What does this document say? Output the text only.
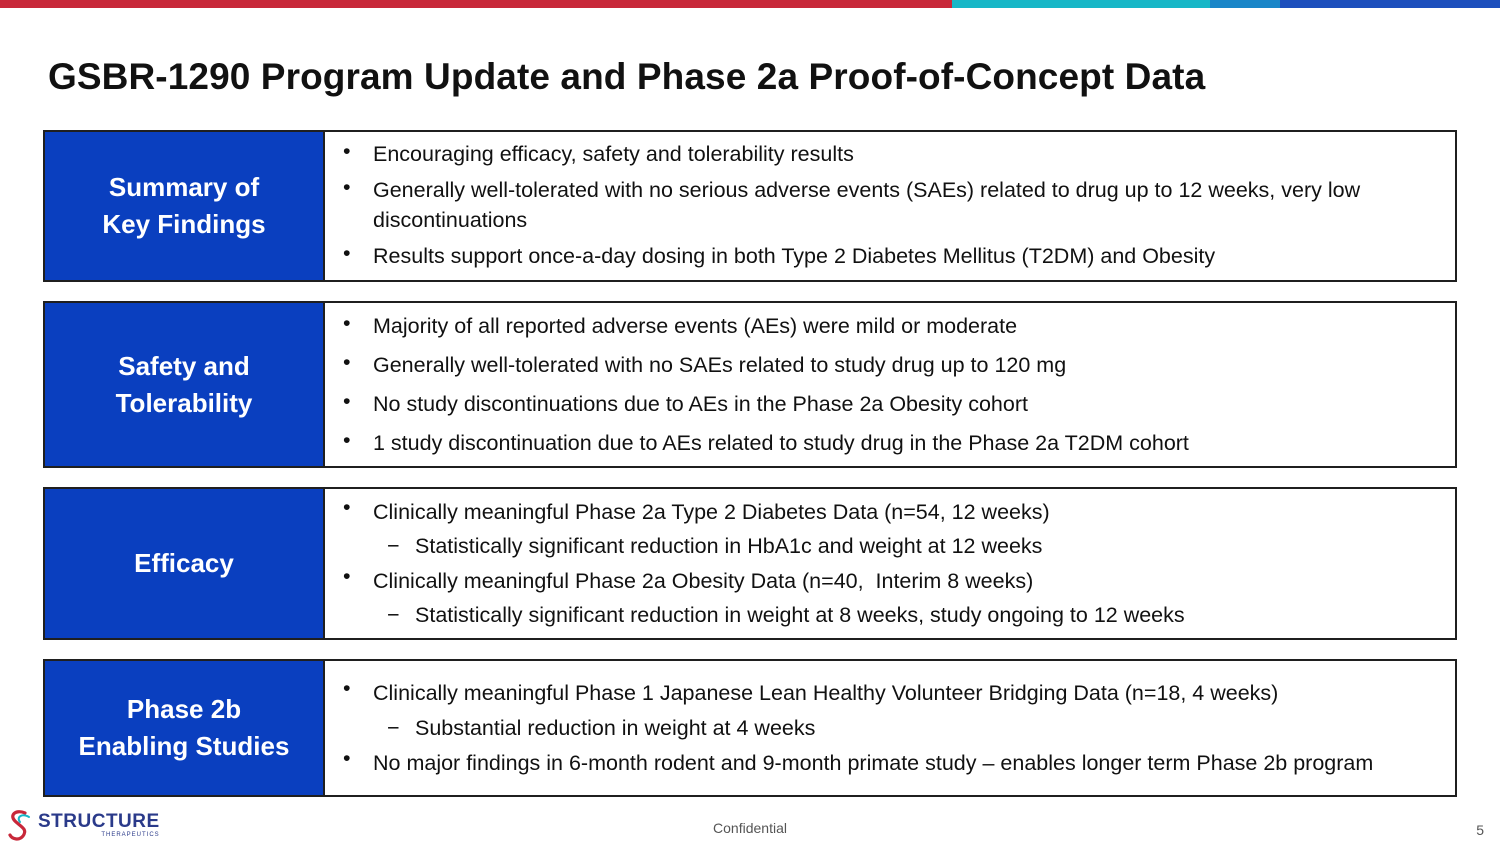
GSBR-1290 Program Update and Phase 2a Proof-of-Concept Data
Summary of
Key Findings
•	Encouraging efficacy, safety and tolerability results
•	Generally well-tolerated with no serious adverse events (SAEs) related to drug up to 12 weeks, very low discontinuations
•	Results support once-a-day dosing in both Type 2 Diabetes Mellitus (T2DM) and Obesity
Safety and
Tolerability
•	Majority of all reported adverse events (AEs) were mild or moderate
•	Generally well-tolerated with no SAEs related to study drug up to 120 mg
•	No study discontinuations due to AEs in the Phase 2a Obesity cohort
•	1 study discontinuation due to AEs related to study drug in the Phase 2a T2DM cohort
Efficacy
•	Clinically meaningful Phase 2a Type 2 Diabetes Data (n=54, 12 weeks)
− Statistically significant reduction in HbA1c and weight at 12 weeks
•	Clinically meaningful Phase 2a Obesity Data (n=40,  Interim 8 weeks)
− Statistically significant reduction in weight at 8 weeks, study ongoing to 12 weeks
Phase 2b
Enabling Studies
•	Clinically meaningful Phase 1 Japanese Lean Healthy Volunteer Bridging Data (n=18, 4 weeks)
− Substantial reduction in weight at 4 weeks
•	No major findings in 6-month rodent and 9-month primate study – enables longer term Phase 2b program
STRUCTURE
THERAPEUTICS	Confidential	5
